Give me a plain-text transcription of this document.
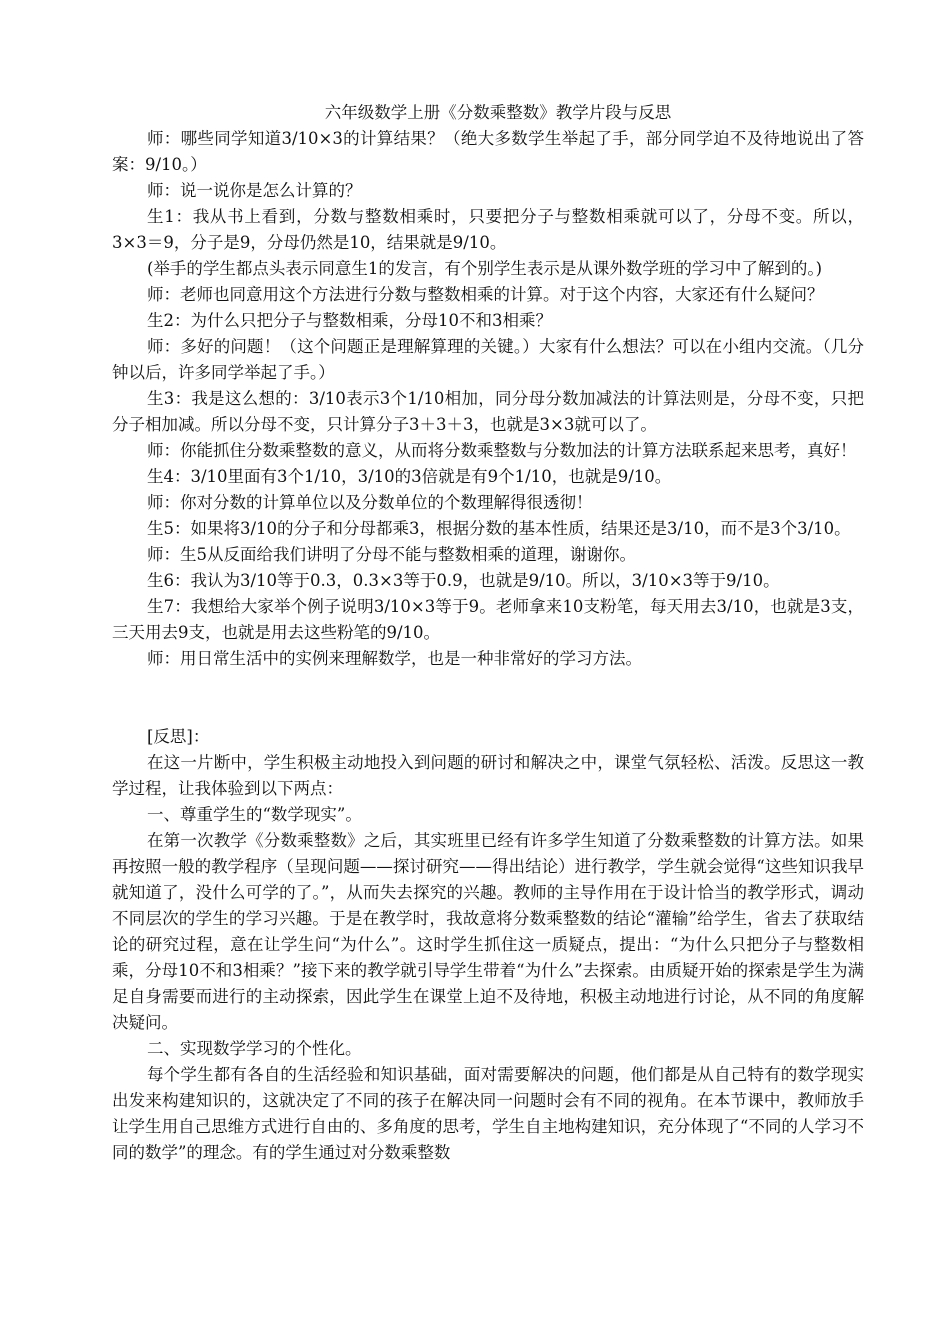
六年级数学上册《分数乘整数》教学片段与反思

师：哪些同学知道3/10×3的计算结果？（绝大多数学生举起了手，部分同学迫不及待地说出了答案：9/10。）

师：说一说你是怎么计算的？

生1：我从书上看到，分数与整数相乘时，只要把分子与整数相乘就可以了，分母不变。所以，3×3＝9，分子是9，分母仍然是10，结果就是9/10。

(举手的学生都点头表示同意生1的发言，有个别学生表示是从课外数学班的学习中了解到的。)

师：老师也同意用这个方法进行分数与整数相乘的计算。对于这个内容，大家还有什么疑问？

生2：为什么只把分子与整数相乘，分母10不和3相乘？

师：多好的问题！（这个问题正是理解算理的关键。）大家有什么想法？可以在小组内交流。（几分钟以后，许多同学举起了手。）

生3：我是这么想的：3/10表示3个1/10相加，同分母分数加减法的计算法则是，分母不变，只把分子相加减。所以分母不变，只计算分子3＋3＋3，也就是3×3就可以了。

师：你能抓住分数乘整数的意义，从而将分数乘整数与分数加法的计算方法联系起来思考，真好！

生4：3/10里面有3个1/10，3/10的3倍就是有9个1/10，也就是9/10。

师：你对分数的计算单位以及分数单位的个数理解得很透彻！

生5：如果将3/10的分子和分母都乘3，根据分数的基本性质，结果还是3/10，而不是3个3/10。

师：生5从反面给我们讲明了分母不能与整数相乘的道理，谢谢你。

生6：我认为3/10等于0.3，0.3×3等于0.9，也就是9/10。所以，3/10×3等于9/10。

生7：我想给大家举个例子说明3/10×3等于9。老师拿来10支粉笔，每天用去3/10，也就是3支，三天用去9支，也就是用去这些粉笔的9/10。

师：用日常生活中的实例来理解数学，也是一种非常好的学习方法。

[反思]：

在这一片断中，学生积极主动地投入到问题的研讨和解决之中，课堂气氛轻松、活泼。反思这一教学过程，让我体验到以下两点：

一、尊重学生的“数学现实”。

在第一次教学《分数乘整数》之后，其实班里已经有许多学生知道了分数乘整数的计算方法。如果再按照一般的教学程序（呈现问题——探讨研究——得出结论）进行教学，学生就会觉得“这些知识我早就知道了，没什么可学的了。”，从而失去探究的兴趣。教师的主导作用在于设计恰当的教学形式，调动不同层次的学生的学习兴趣。于是在教学时，我故意将分数乘整数的结论“灌输”给学生，省去了获取结论的研究过程，意在让学生问“为什么”。这时学生抓住这一质疑点，提出：“为什么只把分子与整数相乘，分母10不和3相乘？”接下来的教学就引导学生带着“为什么”去探索。由质疑开始的探索是学生为满足自身需要而进行的主动探索，因此学生在课堂上迫不及待地，积极主动地进行讨论，从不同的角度解决疑问。

二、实现数学学习的个性化。

每个学生都有各自的生活经验和知识基础，面对需要解决的问题，他们都是从自己特有的数学现实出发来构建知识的，这就决定了不同的孩子在解决同一问题时会有不同的视角。在本节课中，教师放手让学生用自己思维方式进行自由的、多角度的思考，学生自主地构建知识，充分体现了“不同的人学习不同的数学”的理念。有的学生通过对分数乘整数
